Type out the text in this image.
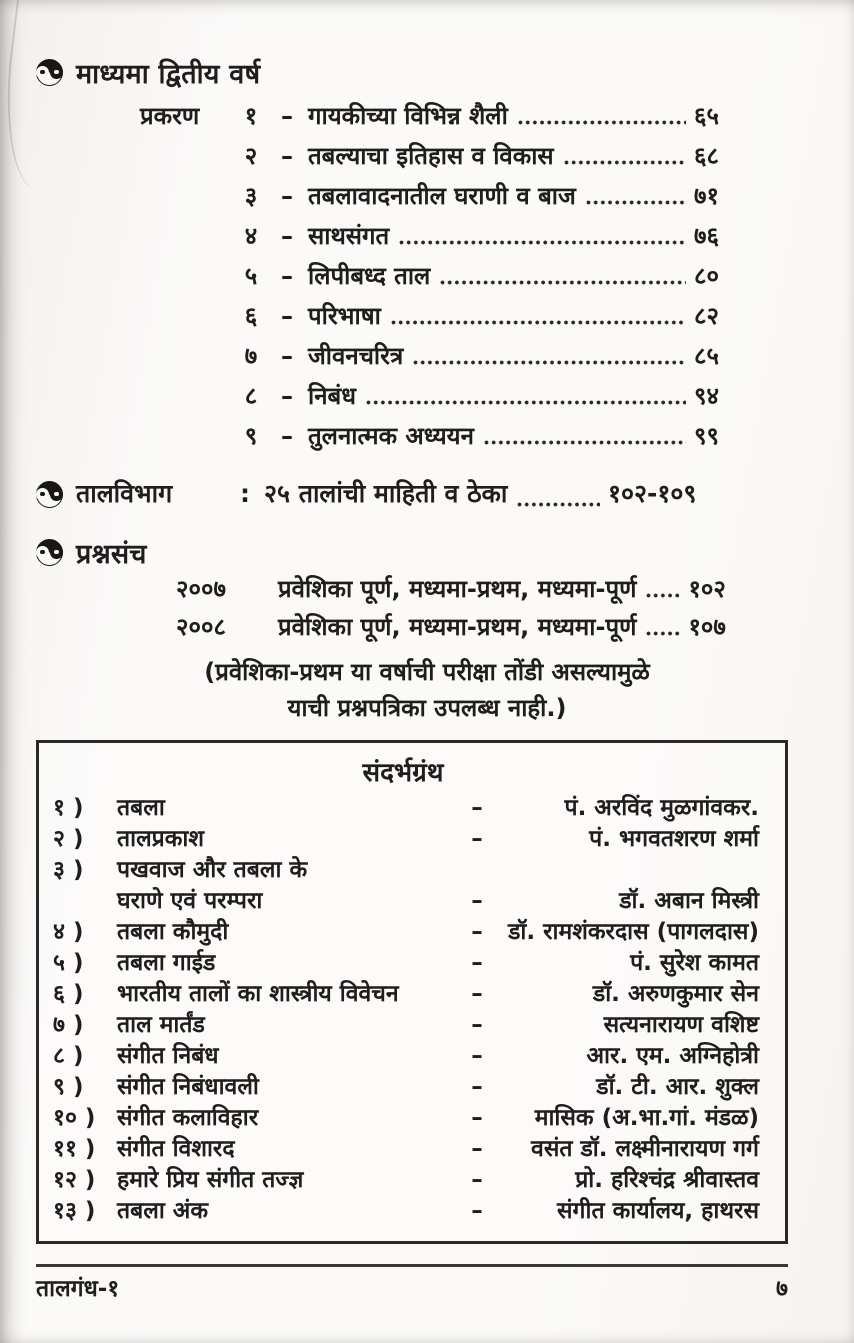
माध्यमा द्वितीय वर्ष
प्रकरण	१ – गायकीच्या विभिन्न शैली	६५
२ – तबल्याचा इतिहास व विकास	६८
३ – तबलावादनातील घराणी व बाज	७१
४ – साथसंगत	७६
५ – लिपीबध्द ताल	८०
६ – परिभाषा	८२
७ – जीवनचरित्र	८५
८ – निबंध	९४
९ – तुलनात्मक अध्ययन	९९
तालविभाग	: २५ तालांची माहिती व ठेका	१०२-१०९
प्रश्नसंच
२००७	प्रवेशिका पूर्ण, मध्यमा-प्रथम, मध्यमा-पूर्ण १०२
२००८	प्रवेशिका पूर्ण, मध्यमा-प्रथम, मध्यमा-पूर्ण १०७
(प्रवेशिका-प्रथम या वर्षाची परीक्षा तोंडी असल्यामुळे
याची प्रश्नपत्रिका उपलब्ध नाही.)
संदर्भग्रंथ
१ )	तबला	–	पं. अरविंद मुळगांवकर.
२ )	तालप्रकाश	–	पं. भगवतशरण शर्मा
३ )	पखवाज और तबला के
घराणे एवं परम्परा	–	डॉ. अबान मिस्त्री
४ )	तबला कौमुदी	–	डॉ. रामशंकरदास (पागलदास)
५ )	तबला गाईड	–	पं. सुरेश कामत
६ )	भारतीय तालों का शास्त्रीय विवेचन	–	डॉ. अरुणकुमार सेन
७ )	ताल मार्तंड	–	सत्यनारायण वशिष्ट
८ )	संगीत निबंध	–	आर. एम. अग्निहोत्री
९ )	संगीत निबंधावली	–	डॉ. टी. आर. शुक्ल
१० ) संगीत कलाविहार	–	मासिक (अ.भा.गां. मंडळ)
११ ) संगीत विशारद	–	वसंत डॉ. लक्ष्मीनारायण गर्ग
१२ ) हमारे प्रिय संगीत तज्ज्ञ	–	प्रो. हरिश्चंद्र श्रीवास्तव
१३ ) तबला अंक	–	संगीत कार्यालय, हाथरस
तालगंध-१	७
